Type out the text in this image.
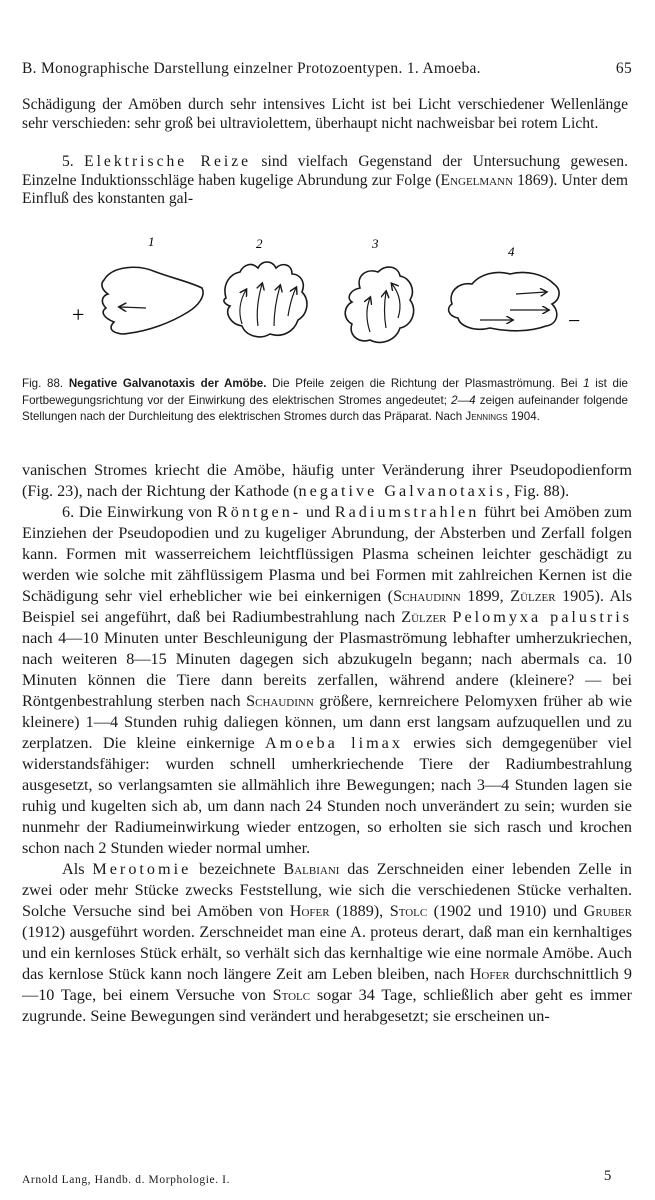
B. Monographische Darstellung einzelner Protozoentypen. 1. Amoeba.	65
Schädigung der Amöben durch sehr intensives Licht ist bei Licht verschiedener Wellenlänge sehr verschieden: sehr groß bei ultraviolettem, überhaupt nicht nachweisbar bei rotem Licht.
5. Elektrische Reize sind vielfach Gegenstand der Untersuchung gewesen. Einzelne Induktionsschläge haben kugelige Abrundung zur Folge (Engelmann 1869). Unter dem Einfluß des konstanten gal-
1	2	3
4
+	−
Fig. 88. Negative Galvanotaxis der Amöbe. Die Pfeile zeigen die Richtung der Plasmaströmung. Bei 1 ist die Fortbewegungsrichtung vor der Einwirkung des elektrischen Stromes angedeutet; 2—4 zeigen aufeinander folgende Stellungen nach der Durchleitung des elektrischen Stromes durch das Präparat. Nach Jennings 1904.

vanischen Stromes kriecht die Amöbe, häufig unter Veränderung ihrer Pseudopodienform (Fig. 23), nach der Richtung der Kathode (negative Galvanotaxis, Fig. 88).

6. Die Einwirkung von Röntgen- und Radiumstrahlen führt bei Amöben zum Einziehen der Pseudopodien und zu kugeliger Abrundung, der Absterben und Zerfall folgen kann. Formen mit wasserreichem leichtflüssigen Plasma scheinen leichter geschädigt zu werden wie solche mit zähflüssigem Plasma und bei Formen mit zahlreichen Kernen ist die Schädigung sehr viel erheblicher wie bei einkernigen (Schaudinn 1899, Zülzer 1905). Als Beispiel sei angeführt, daß bei Radiumbestrahlung nach Zülzer Pelomyxa palustris nach 4—10 Minuten unter Beschleunigung der Plasmaströmung lebhafter umherzukriechen, nach weiteren 8—15 Minuten dagegen sich abzukugeln begann; nach abermals ca. 10 Minuten können die Tiere dann bereits zerfallen, während andere (kleinere? — bei Röntgenbestrahlung sterben nach Schaudinn größere, kernreichere Pelomyxen früher ab wie kleinere) 1—4 Stunden ruhig daliegen können, um dann erst langsam aufzuquellen und zu zerplatzen. Die kleine einkernige Amoeba limax erwies sich demgegenüber viel widerstandsfähiger: wurden schnell umherkriechende Tiere der Radiumbestrahlung ausgesetzt, so verlangsamten sie allmählich ihre Bewegungen; nach 3—4 Stunden lagen sie ruhig und kugelten sich ab, um dann nach 24 Stunden noch unverändert zu sein; wurden sie nunmehr der Radiumeinwirkung wieder entzogen, so erholten sie sich rasch und krochen schon nach 2 Stunden wieder normal umher.

Als Merotomie bezeichnete Balbiani das Zerschneiden einer lebenden Zelle in zwei oder mehr Stücke zwecks Feststellung, wie sich die verschiedenen Stücke verhalten. Solche Versuche sind bei Amöben von Hofer (1889), Stolc (1902 und 1910) und Gruber (1912) ausgeführt worden. Zerschneidet man eine A. proteus derart, daß man ein kernhaltiges und ein kernloses Stück erhält, so verhält sich das kernhaltige wie eine normale Amöbe. Auch das kernlose Stück kann noch längere Zeit am Leben bleiben, nach Hofer durchschnittlich 9—10 Tage, bei einem Versuche von Stolc sogar 34 Tage, schließlich aber geht es immer zugrunde. Seine Bewegungen sind verändert und herabgesetzt; sie erscheinen un-

Arnold Lang, Handb. d. Morphologie. I.	5
